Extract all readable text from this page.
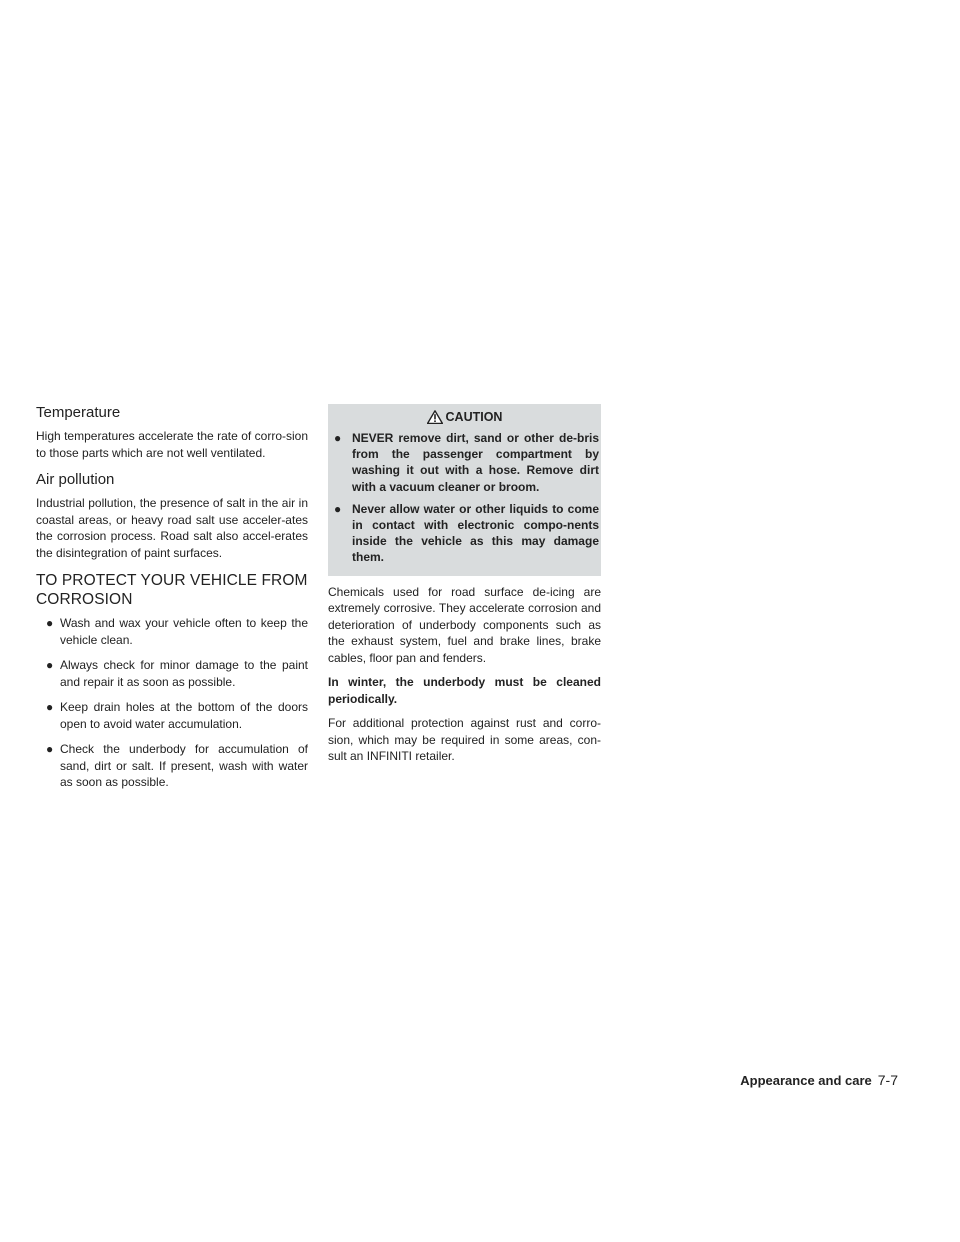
Temperature

High temperatures accelerate the rate of corro-sion to those parts which are not well ventilated.

Air pollution

Industrial pollution, the presence of salt in the air in coastal areas, or heavy road salt use acceler-ates the corrosion process. Road salt also accel-erates the disintegration of paint surfaces.

TO PROTECT YOUR VEHICLE FROM CORROSION
● Wash and wax your vehicle often to keep the vehicle clean.
● Always check for minor damage to the paint and repair it as soon as possible.
● Keep drain holes at the bottom of the doors open to avoid water accumulation.
● Check the underbody for accumulation of sand, dirt or salt. If present, wash with water as soon as possible.
CAUTION
● NEVER remove dirt, sand or other de-bris from the passenger compartment by washing it out with a hose. Remove dirt with a vacuum cleaner or broom.
● Never allow water or other liquids to come in contact with electronic compo-nents inside the vehicle as this may damage them.

Chemicals used for road surface de-icing are extremely corrosive. They accelerate corrosion and deterioration of underbody components such as the exhaust system, fuel and brake lines, brake cables, floor pan and fenders.

In winter, the underbody must be cleaned periodically.

For additional protection against rust and corro-sion, which may be required in some areas, con-sult an INFINITI retailer.

Appearance and care 7-7
